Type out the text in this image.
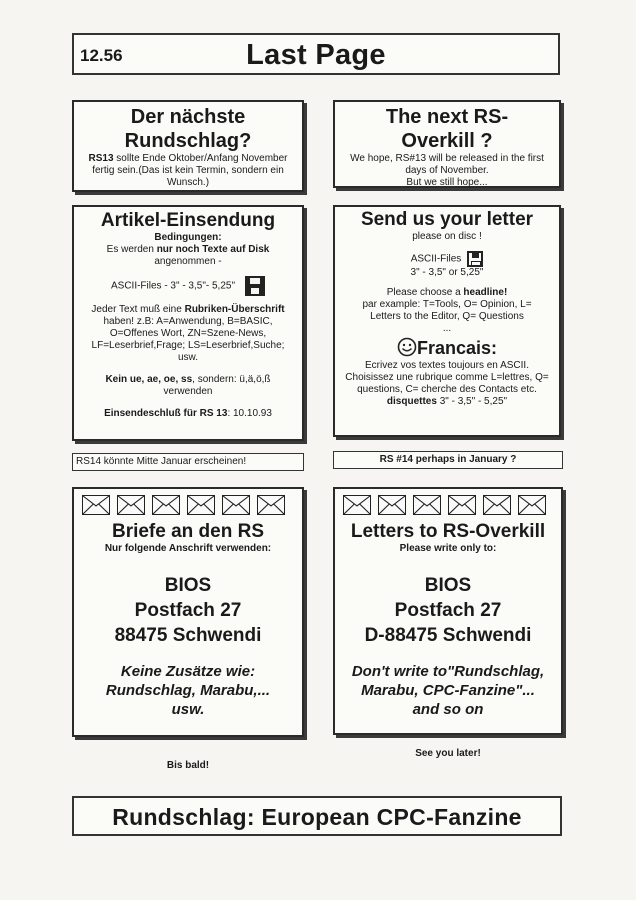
12.56	Last Page
Der nächste
Rundschlag?
RS13 sollte Ende Oktober/Anfang November
fertig sein.(Das ist kein Termin, sondern ein
Wunsch.)
The next RS-
Overkill ?
We hope, RS#13 will be released in the first
days of November.
But we still hope...
Artikel-Einsendung
Bedingungen:
Es werden nur noch Texte auf Disk
angenommen -
ASCII-Files - 3" - 3,5"- 5,25"
Jeder Text muß eine Rubriken-Überschrift
haben! z.B: A=Anwendung, B=BASIC,
O=Offenes Wort, ZN=Szene-News,
LF=Leserbrief,Frage; LS=Leserbrief,Suche;
usw.
Kein ue, ae, oe, ss, sondern: ü,ä,ö,ß
verwenden
Einsendeschluß für RS 13: 10.10.93
Send us your letter
please on disc !
ASCII-Files
3" - 3,5" or 5,25"
Please choose a headline!
par example: T=Tools, O= Opinion, L=
Letters to the Editor, Q= Questions
...
Francais:
Ecrivez vos textes toujours en ASCII.
Choisissez une rubrique comme L=lettres, Q=
questions, C= cherche des Contacts etc.
disquettes 3" - 3,5" - 5,25"
RS14 könnte Mitte Januar erscheinen!	RS #14 perhaps in January ?
Briefe an den RS
Nur folgende Anschrift verwenden:
BIOS
Postfach 27
88475 Schwendi
Keine Zusätze wie:
Rundschlag, Marabu,...
usw.
Letters to RS-Overkill
Please write only to:
BIOS
Postfach 27
D-88475 Schwendi
Don't write to"Rundschlag,
Marabu, CPC-Fanzine"...
and so on
Bis bald!
See you later!
Rundschlag: European CPC-Fanzine
